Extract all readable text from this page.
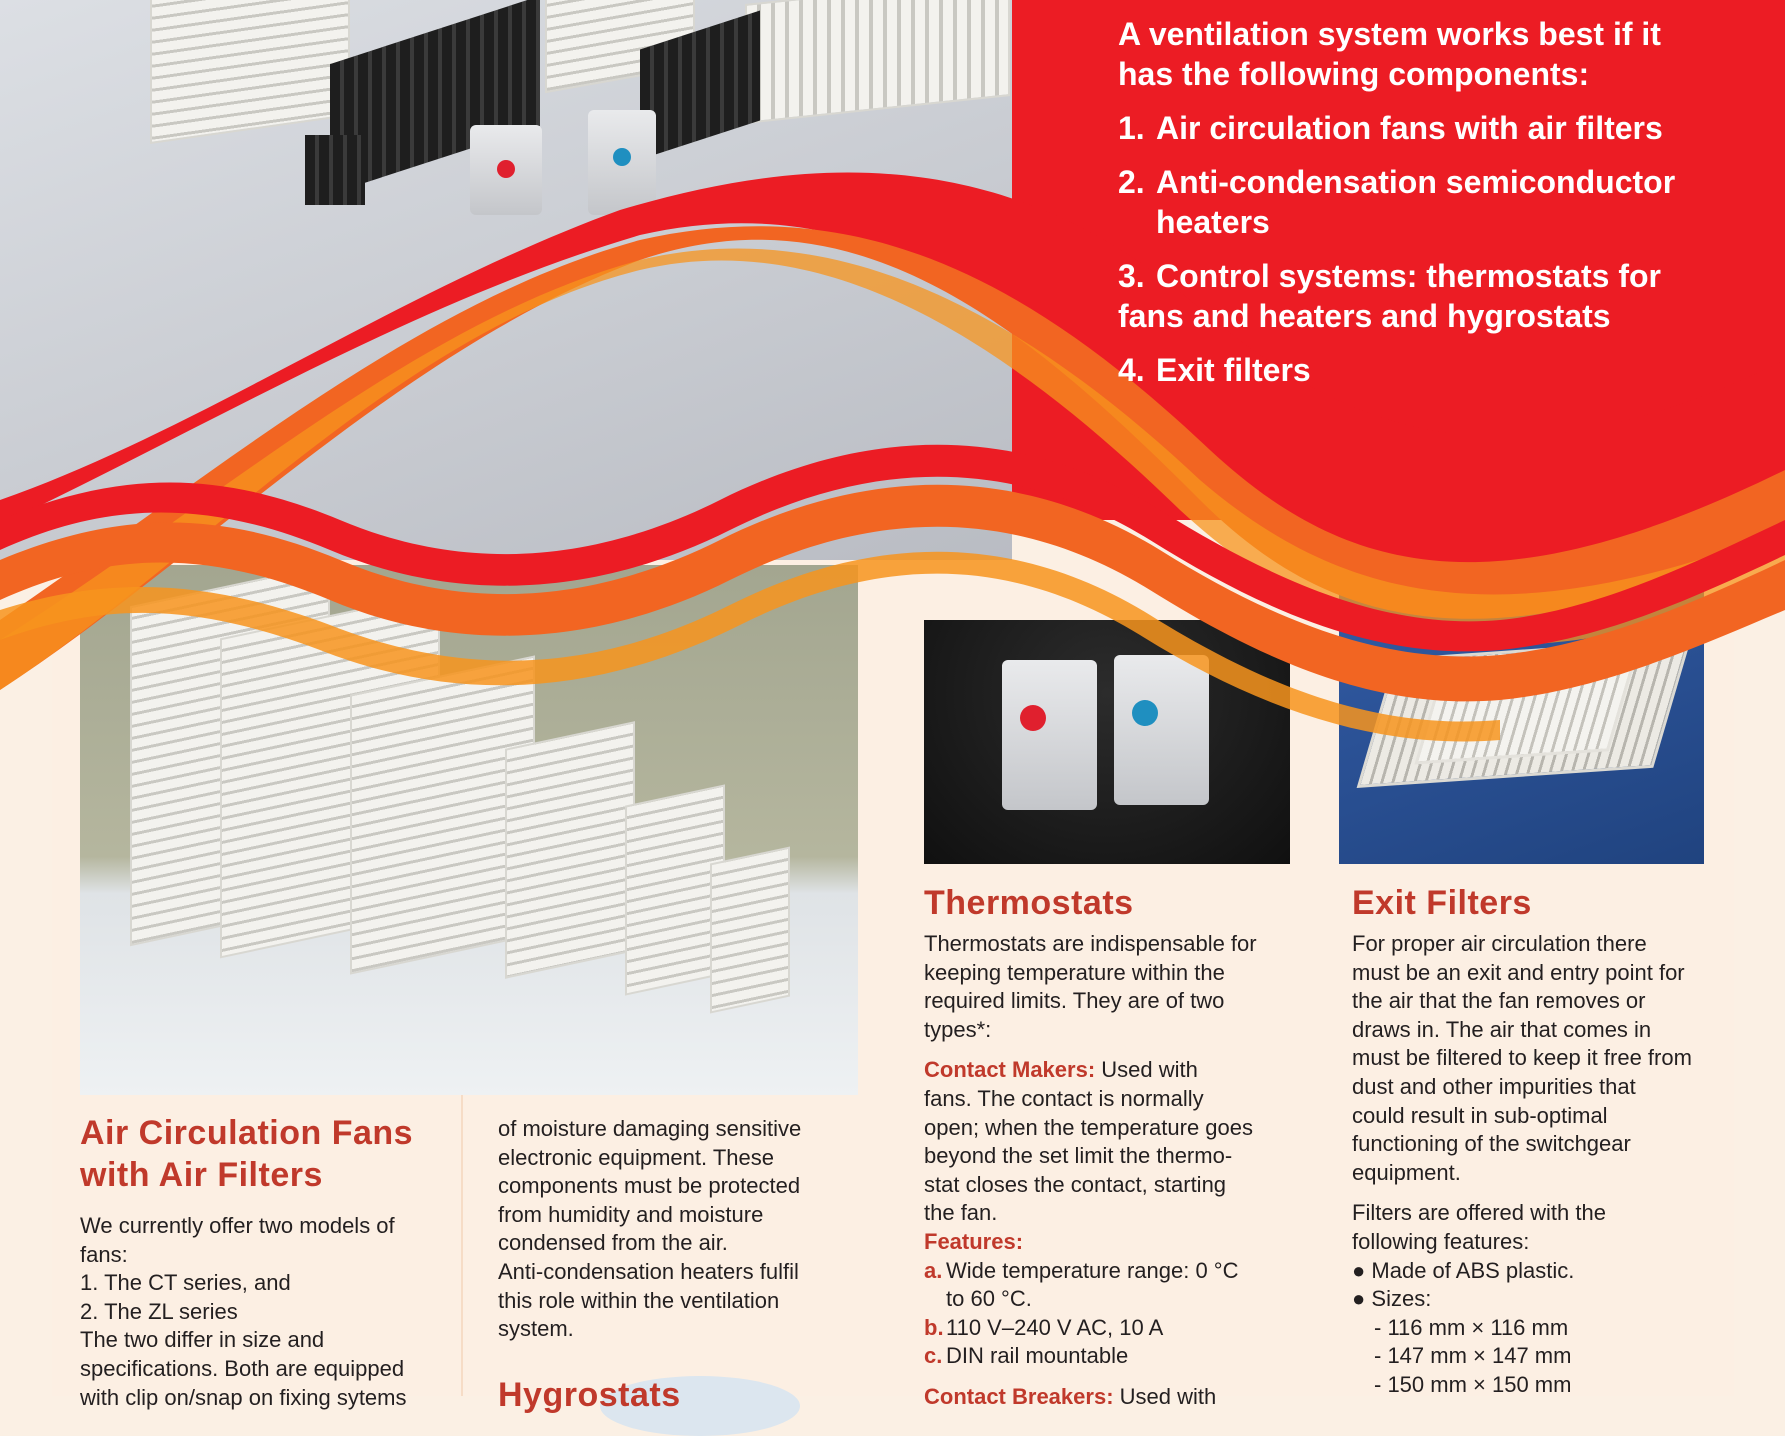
A ventilation system works best if it has the following components:

1. Air circulation fans with air filters
2. Anti-condensation semiconductor heaters
3. Control systems: thermostats for fans and heaters and hygrostats
4. Exit filters
Air Circulation Fans
with Air Filters
We currently offer two models of
fans:
1. The CT series, and
2. The ZL series
The two differ in size and
specifications. Both are equipped
with clip on/snap on fixing sytems
of moisture damaging sensitive
electronic equipment. These
components must be protected
from humidity and moisture
condensed from the air.
Anti-condensation heaters fulfil
this role within the ventilation
system.
Hygrostats
Thermostats
Thermostats are indispensable for
keeping temperature within the
required limits. They are of two
types*:
Contact Makers: Used with
fans. The contact is normally
open; when the temperature goes
beyond the set limit the thermo-
stat closes the contact, starting
the fan.
Features:
a. Wide temperature range: 0 °C
to 60 °C.
b. 110 V–240 V AC, 10 A
c. DIN rail mountable
Contact Breakers: Used with
Exit Filters
For proper air circulation there
must be an exit and entry point for
the air that the fan removes or
draws in. The air that comes in
must be filtered to keep it free from
dust and other impurities that
could result in sub-optimal
functioning of the switchgear
equipment.
Filters are offered with the
following features:
● Made of ABS plastic.
● Sizes:
- 116 mm × 116 mm
- 147 mm × 147 mm
- 150 mm × 150 mm
